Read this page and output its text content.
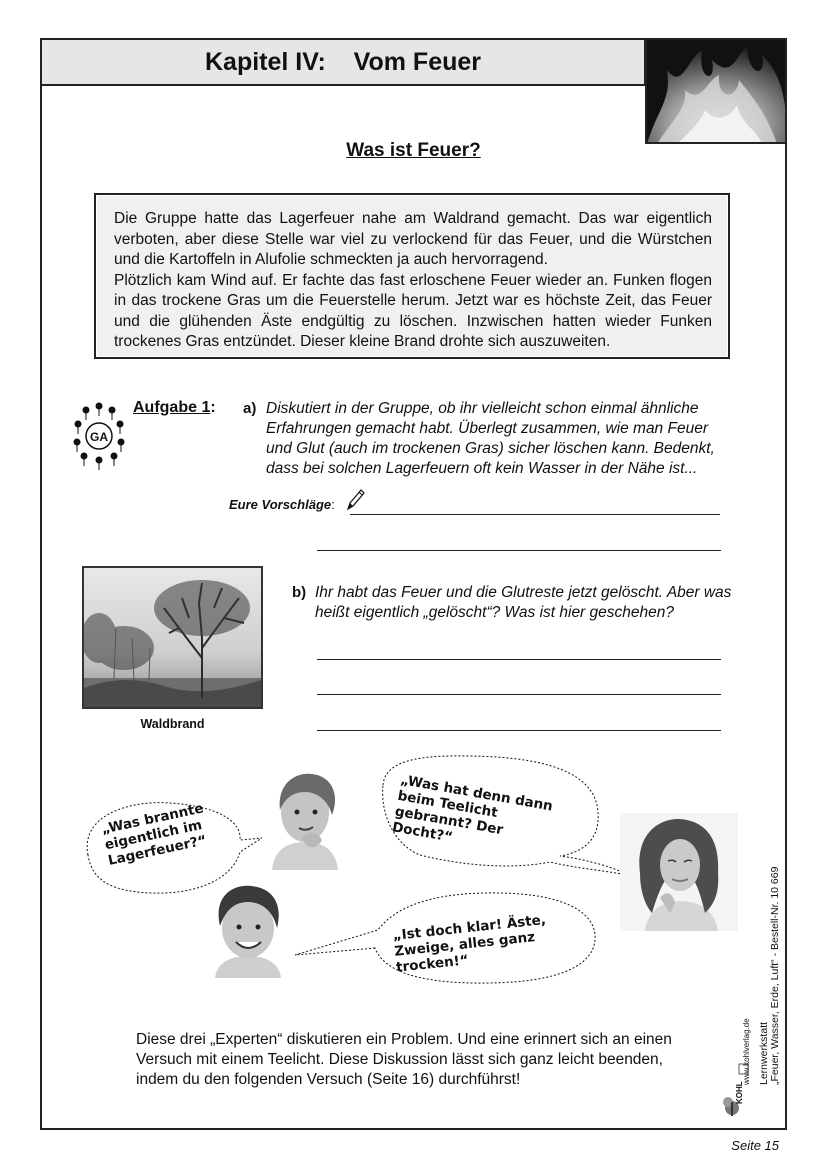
Kapitel IV: Vom Feuer
Was ist Feuer?

Die Gruppe hatte das Lagerfeuer nahe am Waldrand gemacht. Das war eigentlich verboten, aber diese Stelle war viel zu verlockend für das Feuer, und die Würstchen und die Kartoffeln in Alufolie schmeckten ja auch hervorragend.

Plötzlich kam Wind auf. Er fachte das fast erloschene Feuer wieder an. Funken flogen in das trockene Gras um die Feuerstelle herum. Jetzt war es höchste Zeit, das Feuer und die glühenden Äste endgültig zu löschen. Inzwischen hatten wieder Funken trockenes Gras entzündet. Dieser kleine Brand drohte sich auszuweiten.

GA
Aufgabe 1: a) Diskutiert in der Gruppe, ob ihr vielleicht schon einmal ähnliche Erfahrungen gemacht habt. Überlegt zusammen, wie man Feuer und Glut (auch im trockenen Gras) sicher löschen kann. Bedenkt, dass bei solchen Lagerfeuern oft kein Wasser in der Nähe ist...
Eure Vorschläge:
Waldbrand
b) Ihr habt das Feuer und die Glutreste jetzt gelöscht. Aber was heißt eigentlich „gelöscht“? Was ist hier geschehen?
„Was brannte eigentlich im Lagerfeuer?“
„Was hat denn dann beim Teelicht gebrannt? Der Docht?“
„Ist doch klar! Äste, Zweige, alles ganz trocken!“
Diese drei „Experten“ diskutieren ein Problem. Und eine erinnert sich an einen Versuch mit einem Teelicht. Diese Diskussion lässt sich ganz leicht beenden, indem du den folgenden Versuch (Seite 16) durchführst!	Lernwerkstatt „Feuer, Wasser, Erde, Luft“ - Bestell-Nr. 10 669
www.kohlverlag.de
KOHL
Seite 15
